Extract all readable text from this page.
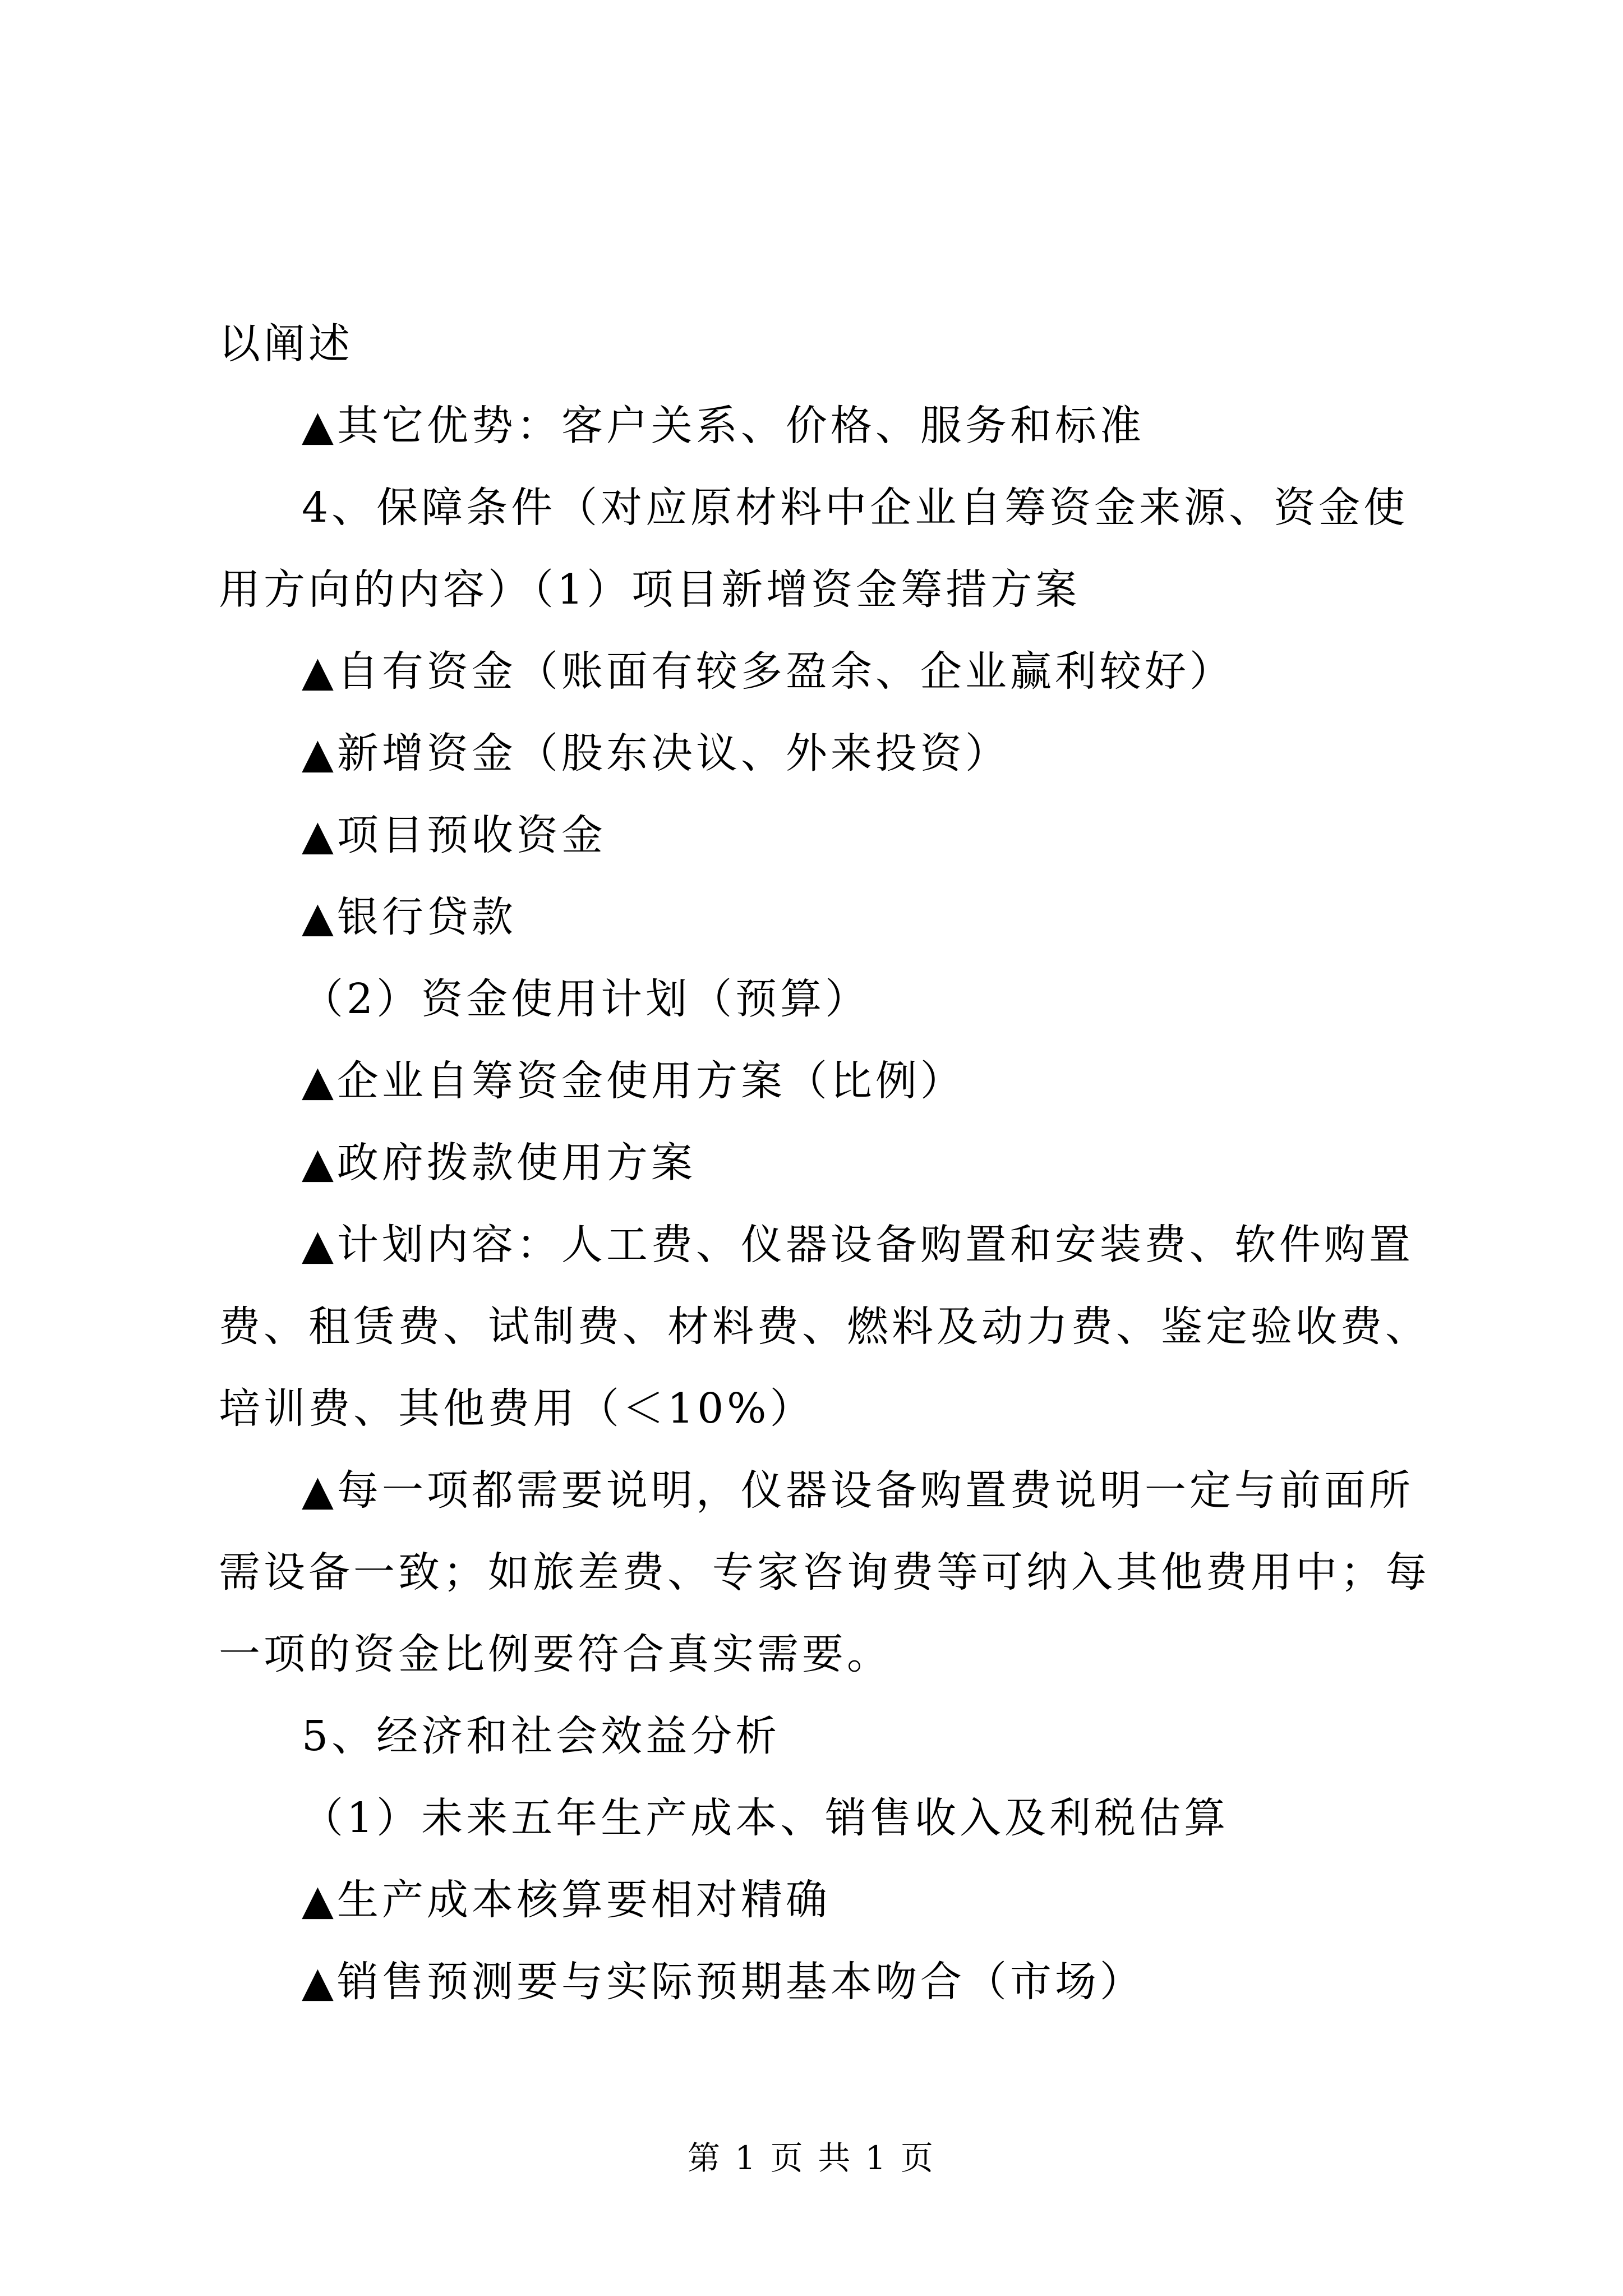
以阐述

▲其它优势：客户关系、价格、服务和标准

4、保障条件（对应原材料中企业自筹资金来源、资金使用方向的内容）（1）项目新增资金筹措方案

▲自有资金（账面有较多盈余、企业赢利较好）

▲新增资金（股东决议、外来投资）

▲项目预收资金

▲银行贷款

（2）资金使用计划（预算）

▲企业自筹资金使用方案（比例）

▲政府拨款使用方案

▲计划内容：人工费、仪器设备购置和安装费、软件购置费、租赁费、试制费、材料费、燃料及动力费、鉴定验收费、培训费、其他费用（＜10%）

▲每一项都需要说明，仪器设备购置费说明一定与前面所需设备一致；如旅差费、专家咨询费等可纳入其他费用中；每一项的资金比例要符合真实需要。

5、经济和社会效益分析

（1）未来五年生产成本、销售收入及利税估算

▲生产成本核算要相对精确

▲销售预测要与实际预期基本吻合（市场）

第 1 页 共 1 页
